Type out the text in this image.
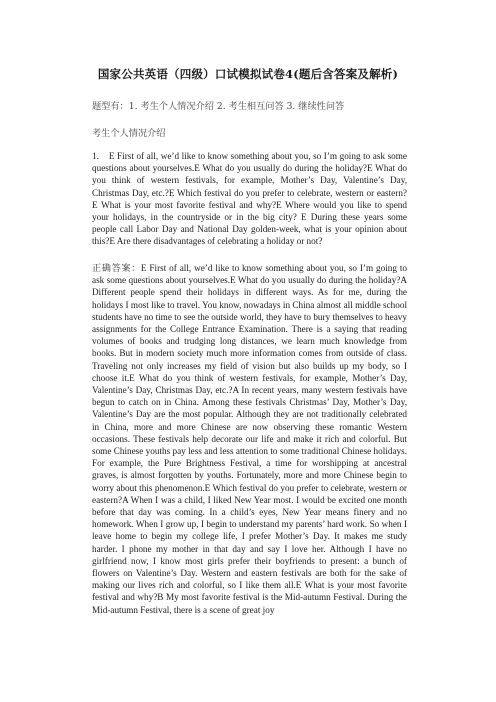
国家公共英语（四级）口试模拟试卷4(题后含答案及解析)
题型有：1. 考生个人情况介绍 2. 考生相互问答 3. 继续性问答
考生个人情况介绍
1. E First of all, we’d like to know something about you, so I’m going to ask some questions about yourselves.E What do you usually do during the holiday?E What do you think of western festivals, for example, Mother’s Day, Valentine’s Day, Christmas Day, etc.?E Which festival do you prefer to celebrate, western or eastern?E What is your most favorite festival and why?E Where would you like to spend your holidays, in the countryside or in the big city? E During these years some people call Labor Day and National Day golden-week, what is your opinion about this?E Are there disadvantages of celebrating a holiday or not?
正确答案：E First of all, we’d like to know something about you, so I’m going to ask some questions about yourselves.E What do you usually do during the holiday?A Different people spend their holidays in different ways. As for me, during the holidays I most like to travel. You know, nowadays in China almost all middle school students have no time to see the outside world, they have to bury themselves to heavy assignments for the College Entrance Examination. There is a saying that reading volumes of books and trudging long distances, we learn much knowledge from books. But in modern society much more information comes from outside of class. Traveling not only increases my field of vision but also builds up my body, so I choose it.E What do you think of western festivals, for example, Mother’s Day, Valentine’s Day, Christmas Day, etc.?A In recent years, many western festivals have begun to catch on in China. Among these festivals Christmas’ Day, Mother’s Day, Valentine’s Day are the most popular. Although they are not traditionally celebrated in China, more and more Chinese are now observing these romantic Western occasions. These festivals help decorate our life and make it rich and colorful. But some Chinese youths pay less and less attention to some traditional Chinese holidays. For example, the Pure Brightness Festival, a time for worshipping at ancestral graves, is almost forgotten by youths. Fortunately, more and more Chinese begin to worry about this phenomenon.E Which festival do you prefer to celebrate, western or eastern?A When I was a child, I liked New Year most. I would be excited one month before that day was coming. In a child’s eyes, New Year means finery and no homework. When I grow up, I begin to understand my parents’ hard work. So when I leave home to begin my college life, I prefer Mother’s Day. It makes me study harder. I phone my mother in that day and say I love her. Although I have no girlfriend now, I know most girls prefer their boyfriends to present: a bunch of flowers on Valentine’s Day. Western and eastern festivals are both for the sake of making our lives rich and colorful, so I like them all.E What is your most favorite festival and why?B My most favorite festival is the Mid-autumn Festival. During the Mid-autumn Festival, there is a scene of great joy
